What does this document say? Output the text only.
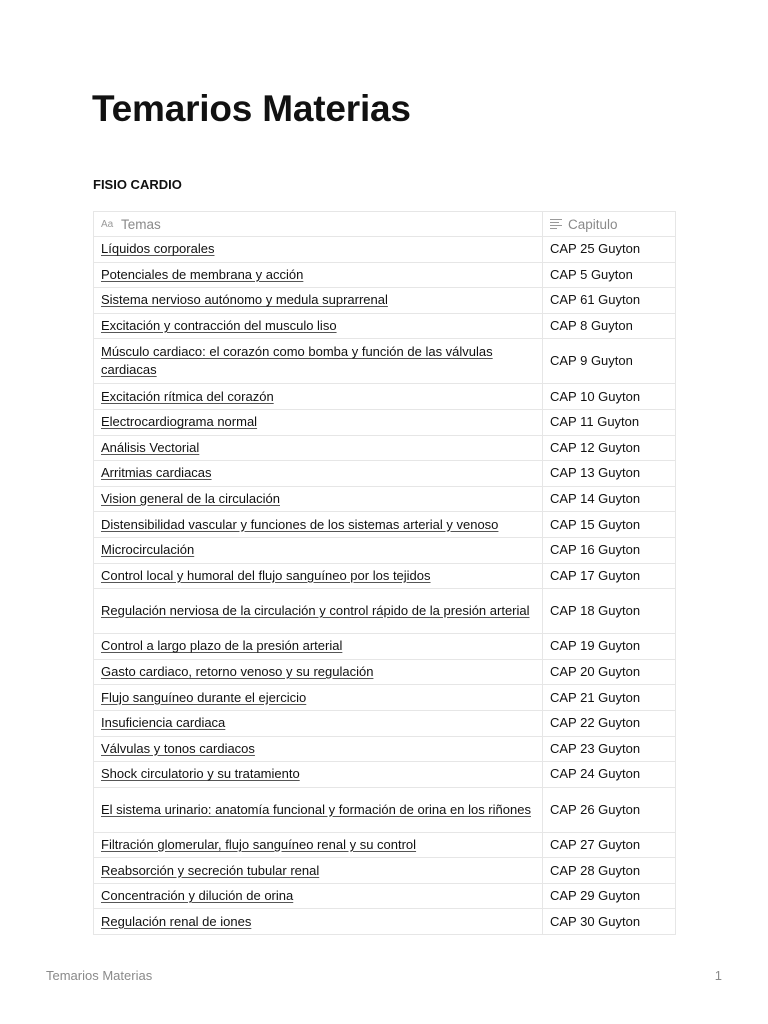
Temarios Materias
FISIO CARDIO
Aa Temas	Capitulo

Líquidos corporales	CAP 25 Guyton
Potenciales de membrana y acción	CAP 5 Guyton
Sistema nervioso autónomo y medula suprarrenal	CAP 61 Guyton
Excitación y contracción del musculo liso	CAP 8 Guyton
Músculo cardiaco: el corazón como bomba y función de las válvulas cardiacas	CAP 9 Guyton
Excitación rítmica del corazón	CAP 10 Guyton
Electrocardiograma normal	CAP 11 Guyton
Análisis Vectorial	CAP 12 Guyton
Arritmias cardiacas	CAP 13 Guyton
Vision general de la circulación	CAP 14 Guyton
Distensibilidad vascular y funciones de los sistemas arterial y venoso	CAP 15 Guyton
Microcirculación	CAP 16 Guyton
Control local y humoral del flujo sanguíneo por los tejidos	CAP 17 Guyton
Regulación nerviosa de la circulación y control rápido de la presión arterial	CAP 18 Guyton
Control a largo plazo de la presión arterial	CAP 19 Guyton
Gasto cardiaco, retorno venoso y su regulación	CAP 20 Guyton
Flujo sanguíneo durante el ejercicio	CAP 21 Guyton
Insuficiencia cardiaca	CAP 22 Guyton
Válvulas y tonos cardiacos	CAP 23 Guyton
Shock circulatorio y su tratamiento	CAP 24 Guyton
El sistema urinario: anatomía funcional y formación de orina en los riñones	CAP 26 Guyton
Filtración glomerular, flujo sanguíneo renal y su control	CAP 27 Guyton
Reabsorción y secreción tubular renal	CAP 28 Guyton
Concentración y dilución de orina	CAP 29 Guyton
Regulación renal de iones	CAP 30 Guyton
Temarios Materias	1
